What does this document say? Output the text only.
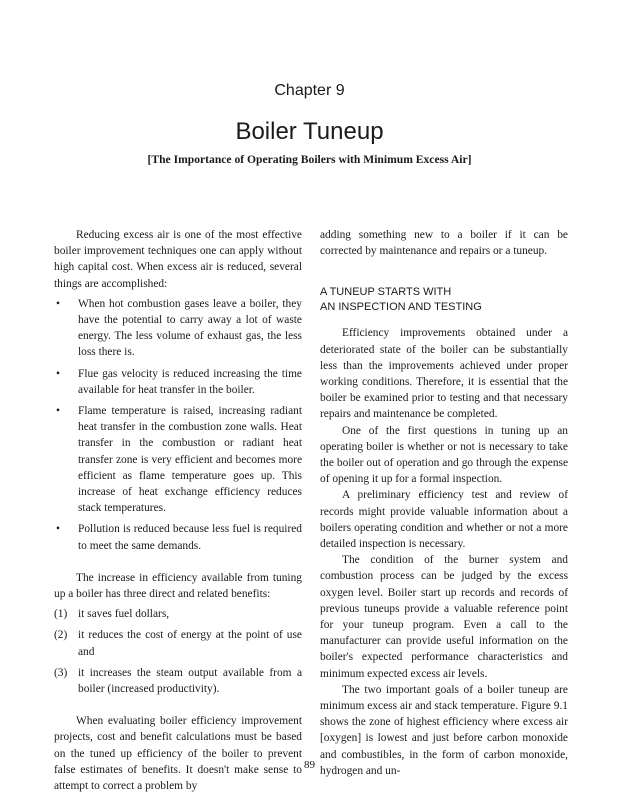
Chapter 9
Boiler Tuneup
[The Importance of Operating Boilers with Minimum Excess Air]

Reducing excess air is one of the most effective boiler improvement techniques one can apply without high capital cost. When excess air is reduced, several things are accomplished:

• When hot combustion gases leave a boiler, they have the potential to carry away a lot of waste energy. The less volume of exhaust gas, the less loss there is.
• Flue gas velocity is reduced increasing the time available for heat transfer in the boiler.
• Flame temperature is raised, increasing radiant heat transfer in the combustion zone walls. Heat transfer in the combustion or radiant heat transfer zone is very efficient and becomes more efficient as flame temperature goes up. This increase of heat exchange efficiency reduces stack temperatures.
• Pollution is reduced because less fuel is required to meet the same demands.

The increase in efficiency available from tuning up a boiler has three direct and related benefits:

(1) it saves fuel dollars,
(2) it reduces the cost of energy at the point of use and
(3) it increases the steam output available from a boiler (increased productivity).

When evaluating boiler efficiency improvement projects, cost and benefit calculations must be based on the tuned up efficiency of the boiler to prevent false estimates of benefits. It doesn't make sense to attempt to correct a problem by

adding something new to a boiler if it can be corrected by maintenance and repairs or a tuneup.

A TUNEUP STARTS WITH
AN INSPECTION AND TESTING

Efficiency improvements obtained under a deteriorated state of the boiler can be substantially less than the improvements achieved under proper working conditions. Therefore, it is essential that the boiler be examined prior to testing and that necessary repairs and maintenance be completed.

One of the first questions in tuning up an operating boiler is whether or not is necessary to take the boiler out of operation and go through the expense of opening it up for a formal inspection.

A preliminary efficiency test and review of records might provide valuable information about a boilers operating condition and whether or not a more detailed inspection is necessary.

The condition of the burner system and combustion process can be judged by the excess oxygen level. Boiler start up records and records of previous tuneups provide a valuable reference point for your tuneup program. Even a call to the manufacturer can provide useful information on the boiler's expected performance characteristics and minimum expected excess air levels.

The two important goals of a boiler tuneup are minimum excess air and stack temperature. Figure 9.1 shows the zone of highest efficiency where excess air [oxygen] is lowest and just before carbon monoxide and combustibles, in the form of carbon monoxide, hydrogen and un-

89
